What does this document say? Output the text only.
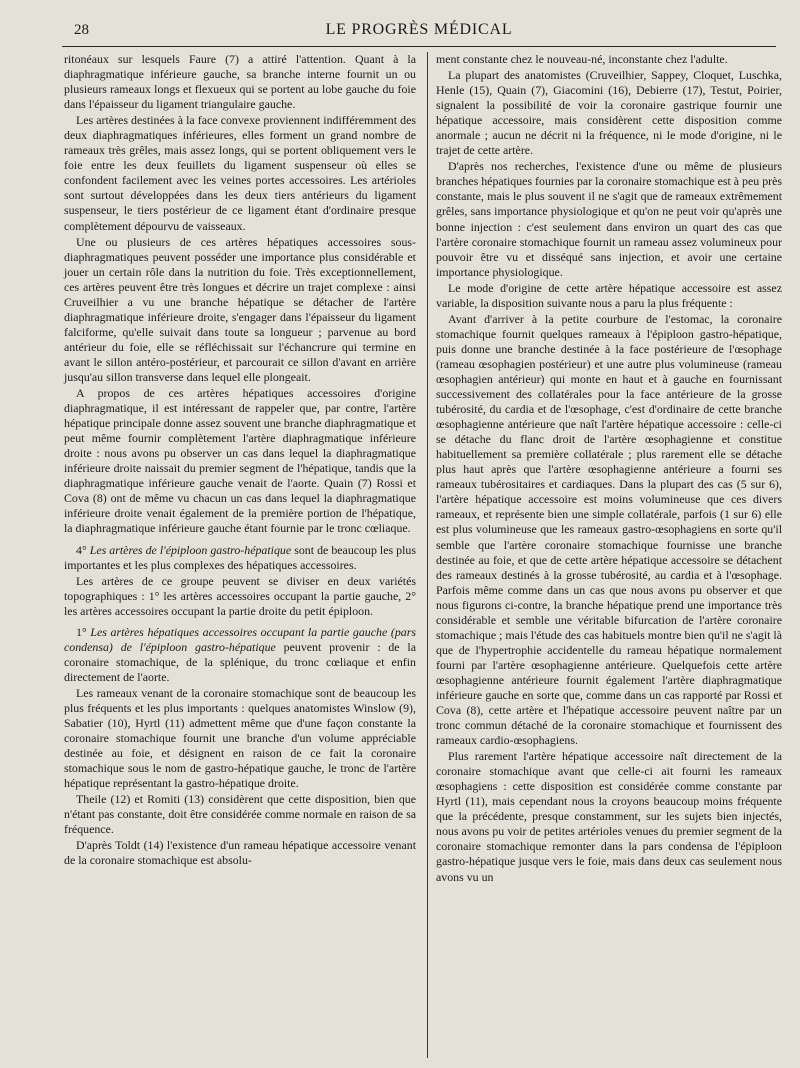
28	LE PROGRÈS MÉDICAL

ritonéaux sur lesquels Faure (7) a attiré l'attention. Quant à la diaphragmatique inférieure gauche, sa branche interne fournit un ou plusieurs rameaux longs et flexueux qui se portent au lobe gauche du foie dans l'épaisseur du ligament triangulaire gauche.

Les artères destinées à la face convexe proviennent indifféremment des deux diaphragmatiques inférieures, elles forment un grand nombre de rameaux très grêles, mais assez longs, qui se portent obliquement vers le foie entre les deux feuillets du ligament suspenseur où elles se confondent facilement avec les veines portes accessoires. Les artérioles sont surtout développées dans les deux tiers antérieurs du ligament suspenseur, le tiers postérieur de ce ligament étant d'ordinaire presque complètement dépourvu de vaisseaux.

Une ou plusieurs de ces artères hépatiques accessoires sous-diaphragmatiques peuvent posséder une importance plus considérable et jouer un certain rôle dans la nutrition du foie. Très exceptionnellement, ces artères peuvent être très longues et décrire un trajet complexe : ainsi Cruveilhier a vu une branche hépatique se détacher de l'artère diaphragmatique inférieure droite, s'engager dans l'épaisseur du ligament falciforme, qu'elle suivait dans toute sa longueur ; parvenue au bord antérieur du foie, elle se réfléchissait sur l'échancrure qui termine en avant le sillon antéro-postérieur, et parcourait ce sillon d'avant en arrière jusqu'au sillon transverse dans lequel elle plongeait.

A propos de ces artères hépatiques accessoires d'origine diaphragmatique, il est intéressant de rappeler que, par contre, l'artère hépatique principale donne assez souvent une branche diaphragmatique et peut même fournir complètement l'artère diaphragmatique inférieure droite : nous avons pu observer un cas dans lequel la diaphragmatique inférieure droite naissait du premier segment de l'hépatique, tandis que la diaphragmatique inférieure gauche venait de l'aorte. Quain (7) Rossi et Cova (8) ont de même vu chacun un cas dans lequel la diaphragmatique inférieure droite venait également de la première portion de l'hépatique, la diaphragmatique inférieure gauche étant fournie par le tronc cœliaque.

4° Les artères de l'épiploon gastro-hépatique sont de beaucoup les plus importantes et les plus complexes des hépatiques accessoires.

Les artères de ce groupe peuvent se diviser en deux variétés topographiques : 1° les artères accessoires occupant la partie gauche, 2° les artères accessoires occupant la partie droite du petit épiploon.

1° Les artères hépatiques accessoires occupant la partie gauche (pars condensa) de l'épiploon gastro-hépatique peuvent provenir : de la coronaire stomachique, de la splénique, du tronc cœliaque et enfin directement de l'aorte.

Les rameaux venant de la coronaire stomachique sont de beaucoup les plus fréquents et les plus importants : quelques anatomistes Winslow (9), Sabatier (10), Hyrtl (11) admettent même que d'une façon constante la coronaire stomachique fournit une branche d'un volume appréciable destinée au foie, et désignent en raison de ce fait la coronaire stomachique sous le nom de gastro-hépatique gauche, le tronc de l'artère hépatique représentant la gastro-hépatique droite.

Theile (12) et Romiti (13) considèrent que cette disposition, bien que n'étant pas constante, doit être considérée comme normale en raison de sa fréquence.

D'après Toldt (14) l'existence d'un rameau hépatique accessoire venant de la coronaire stomachique est absolu-

ment constante chez le nouveau-né, inconstante chez l'adulte.

La plupart des anatomistes (Cruveilhier, Sappey, Cloquet, Luschka, Henle (15), Quain (7), Giacomini (16), Debierre (17), Testut, Poirier, signalent la possibilité de voir la coronaire gastrique fournir une hépatique accessoire, mais considèrent cette disposition comme anormale ; aucun ne décrit ni la fréquence, ni le mode d'origine, ni le trajet de cette artère.

D'après nos recherches, l'existence d'une ou même de plusieurs branches hépatiques fournies par la coronaire stomachique est à peu près constante, mais le plus souvent il ne s'agit que de rameaux extrêmement grêles, sans importance physiologique et qu'on ne peut voir qu'après une bonne injection : c'est seulement dans environ un quart des cas que l'artère coronaire stomachique fournit un rameau assez volumineux pour pouvoir être vu et disséqué sans injection, et avoir une certaine importance physiologique.

Le mode d'origine de cette artère hépatique accessoire est assez variable, la disposition suivante nous a paru la plus fréquente :

Avant d'arriver à la petite courbure de l'estomac, la coronaire stomachique fournit quelques rameaux à l'épiploon gastro-hépatique, puis donne une branche destinée à la face postérieure de l'œsophage (rameau œsophagien postérieur) et une autre plus volumineuse (rameau œsophagien antérieur) qui monte en haut et à gauche en fournissant successivement des collatérales pour la face antérieure de la grosse tubérosité, du cardia et de l'œsophage, c'est d'ordinaire de cette branche œsophagienne antérieure que naît l'artère hépatique accessoire : celle-ci se détache du flanc droit de l'artère œsophagienne et constitue habituellement sa première collatérale ; plus rarement elle se détache plus haut après que l'artère œsophagienne antérieure a fourni ses rameaux tubérositaires et cardiaques. Dans la plupart des cas (5 sur 6), l'artère hépatique accessoire est moins volumineuse que ces divers rameaux, et représente bien une simple collatérale, parfois (1 sur 6) elle est plus volumineuse que les rameaux gastro-œsophagiens en sorte qu'il semble que l'artère coronaire stomachique fournisse une branche destinée au foie, et que de cette artère hépatique accessoire se détachent des rameaux destinés à la grosse tubérosité, au cardia et à l'œsophage. Parfois même comme dans un cas que nous avons pu observer et que nous figurons ci-contre, la branche hépatique prend une importance très considérable et semble une véritable bifurcation de l'artère coronaire stomachique ; mais l'étude des cas habituels montre bien qu'il ne s'agit là que de l'hypertrophie accidentelle du rameau hépatique normalement fourni par l'artère œsophagienne antérieure. Quelquefois cette artère œsophagienne antérieure fournit également l'artère diaphragmatique inférieure gauche en sorte que, comme dans un cas rapporté par Rossi et Cova (8), cette artère et l'hépatique accessoire peuvent naître par un tronc commun détaché de la coronaire stomachique et fournissent des rameaux cardio-œsophagiens.

Plus rarement l'artère hépatique accessoire naît directement de la coronaire stomachique avant que celle-ci ait fourni les rameaux œsophagiens : cette disposition est considérée comme constante par Hyrtl (11), mais cependant nous la croyons beaucoup moins fréquente que la précédente, presque constamment, sur les sujets bien injectés, nous avons pu voir de petites artérioles venues du premier segment de la coronaire stomachique remonter dans la pars condensa de l'épiploon gastro-hépatique jusque vers le foie, mais dans deux cas seulement nous avons vu un
